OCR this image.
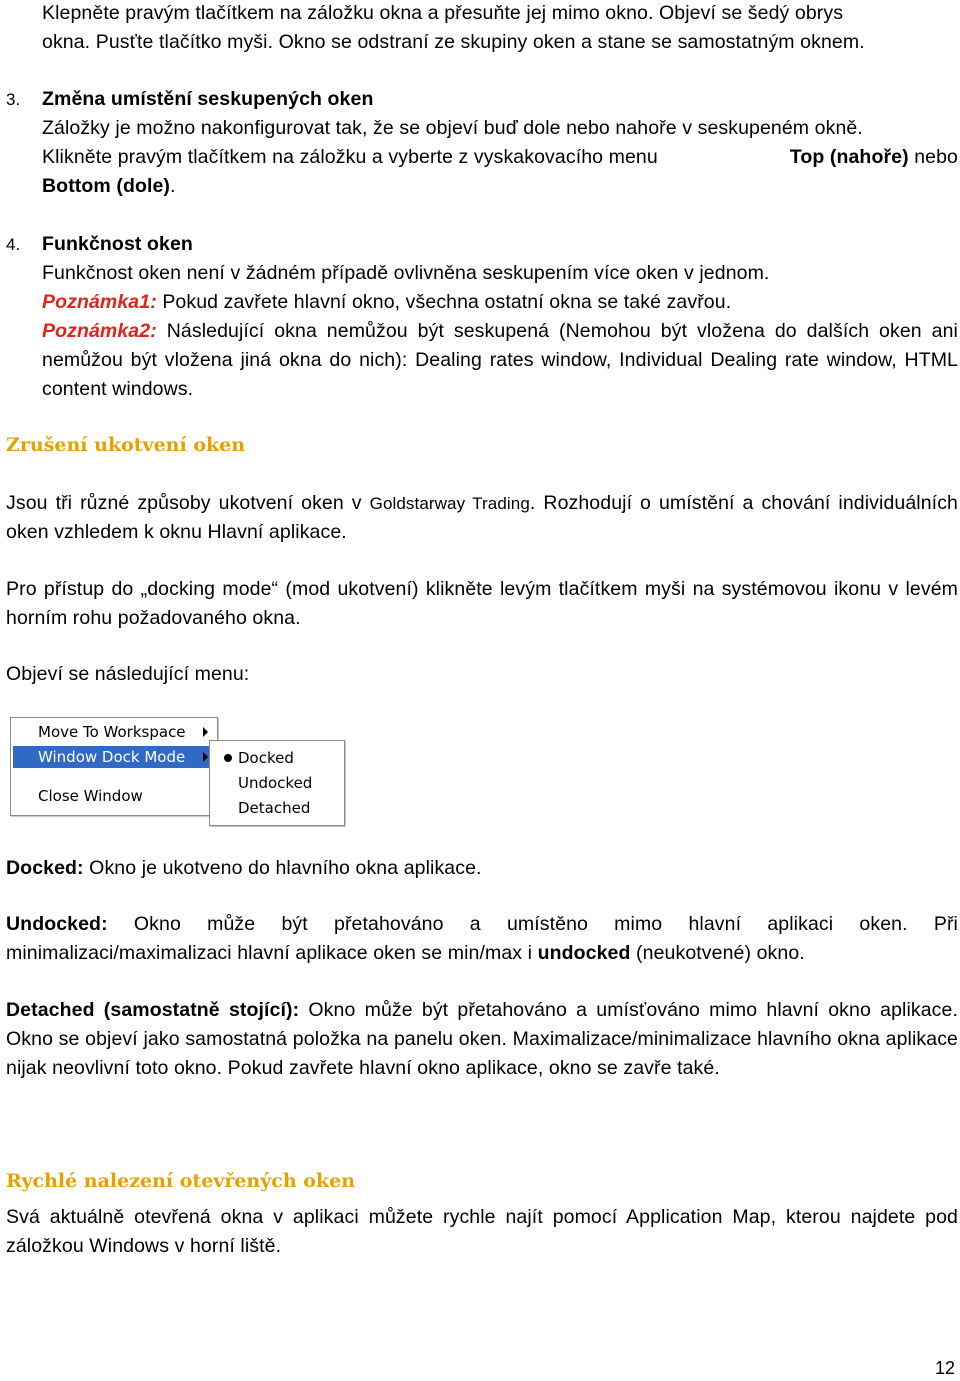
Klepněte pravým tlačítkem na záložku okna a přesuňte jej mimo okno. Objeví se šedý obrys

okna. Pusťte tlačítko myši. Okno se odstraní ze skupiny oken a stane se samostatným oknem.

3. Změna umístění seskupených oken

Záložky je možno nakonfigurovat tak, že se objeví buď dole nebo nahoře v seskupeném okně.

Klikněte pravým tlačítkem na záložku a vyberte z vyskakovacího menu	Top (nahoře) nebo

Bottom (dole).

4. Funkčnost oken

Funkčnost oken není v žádném případě ovlivněna seskupením více oken v jednom.

Poznámka1: Pokud zavřete hlavní okno, všechna ostatní okna se také zavřou.

Poznámka2: Následující okna nemůžou být seskupená (Nemohou být vložena do dalších oken ani nemůžou být vložena jiná okna do nich): Dealing rates window, Individual Dealing rate window, HTML content windows.

Zrušení ukotvení oken

Jsou tři různé způsoby ukotvení oken v Goldstarway Trading. Rozhodují o umístění a chování individuálních oken vzhledem k oknu Hlavní aplikace.

Pro přístup do „docking mode“ (mod ukotvení) klikněte levým tlačítkem myši na systémovou ikonu v levém horním rohu požadovaného okna.

Objeví se následující menu:

Move To Workspace
Window Dock Mode
Close Window
Docked
Undocked
Detached

Docked: Okno je ukotveno do hlavního okna aplikace.

Undocked: Okno může být přetahováno a umístěno mimo hlavní aplikaci oken. Při minimalizaci/maximalizaci hlavní aplikace oken se min/max i undocked (neukotvené) okno.

Detached (samostatně stojící): Okno může být přetahováno a umísťováno mimo hlavní okno aplikace. Okno se objeví jako samostatná položka na panelu oken. Maximalizace/minimalizace hlavního okna aplikace nijak neovlivní toto okno. Pokud zavřete hlavní okno aplikace, okno se zavře také.

Rychlé nalezení otevřených oken

Svá aktuálně otevřená okna v aplikaci můžete rychle najít pomocí Application Map, kterou najdete pod záložkou Windows v horní liště.

12
